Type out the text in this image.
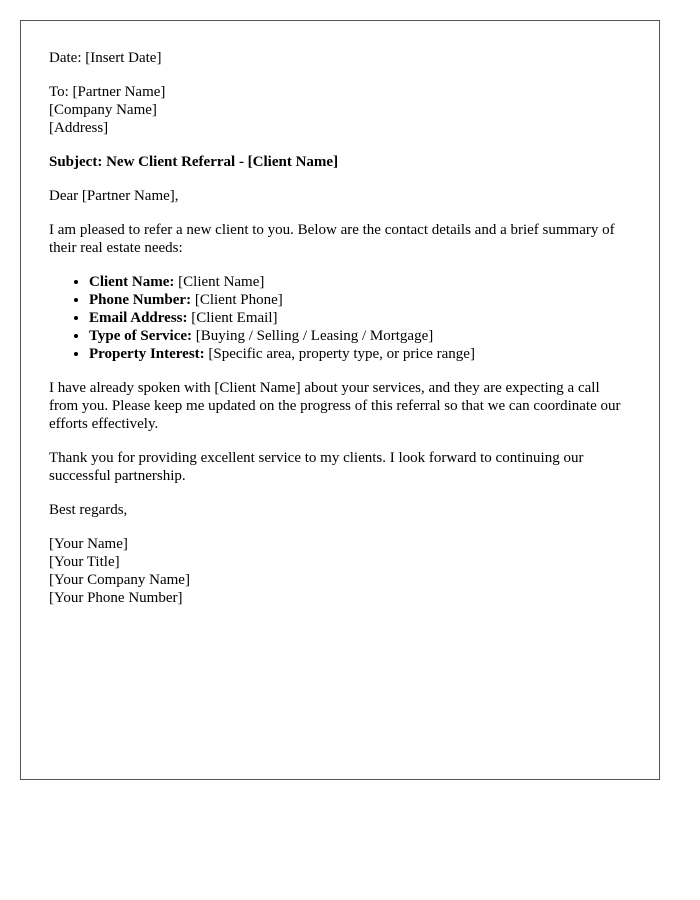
Date: [Insert Date]

To: [Partner Name]
[Company Name]
[Address]

Subject: New Client Referral - [Client Name]

Dear [Partner Name],

I am pleased to refer a new client to you. Below are the contact details and a brief summary of their real estate needs:

• Client Name: [Client Name]
• Phone Number: [Client Phone]
• Email Address: [Client Email]
• Type of Service: [Buying / Selling / Leasing / Mortgage]
• Property Interest: [Specific area, property type, or price range]

I have already spoken with [Client Name] about your services, and they are expecting a call from you. Please keep me updated on the progress of this referral so that we can coordinate our efforts effectively.

Thank you for providing excellent service to my clients. I look forward to continuing our successful partnership.

Best regards,

[Your Name]
[Your Title]
[Your Company Name]
[Your Phone Number]
